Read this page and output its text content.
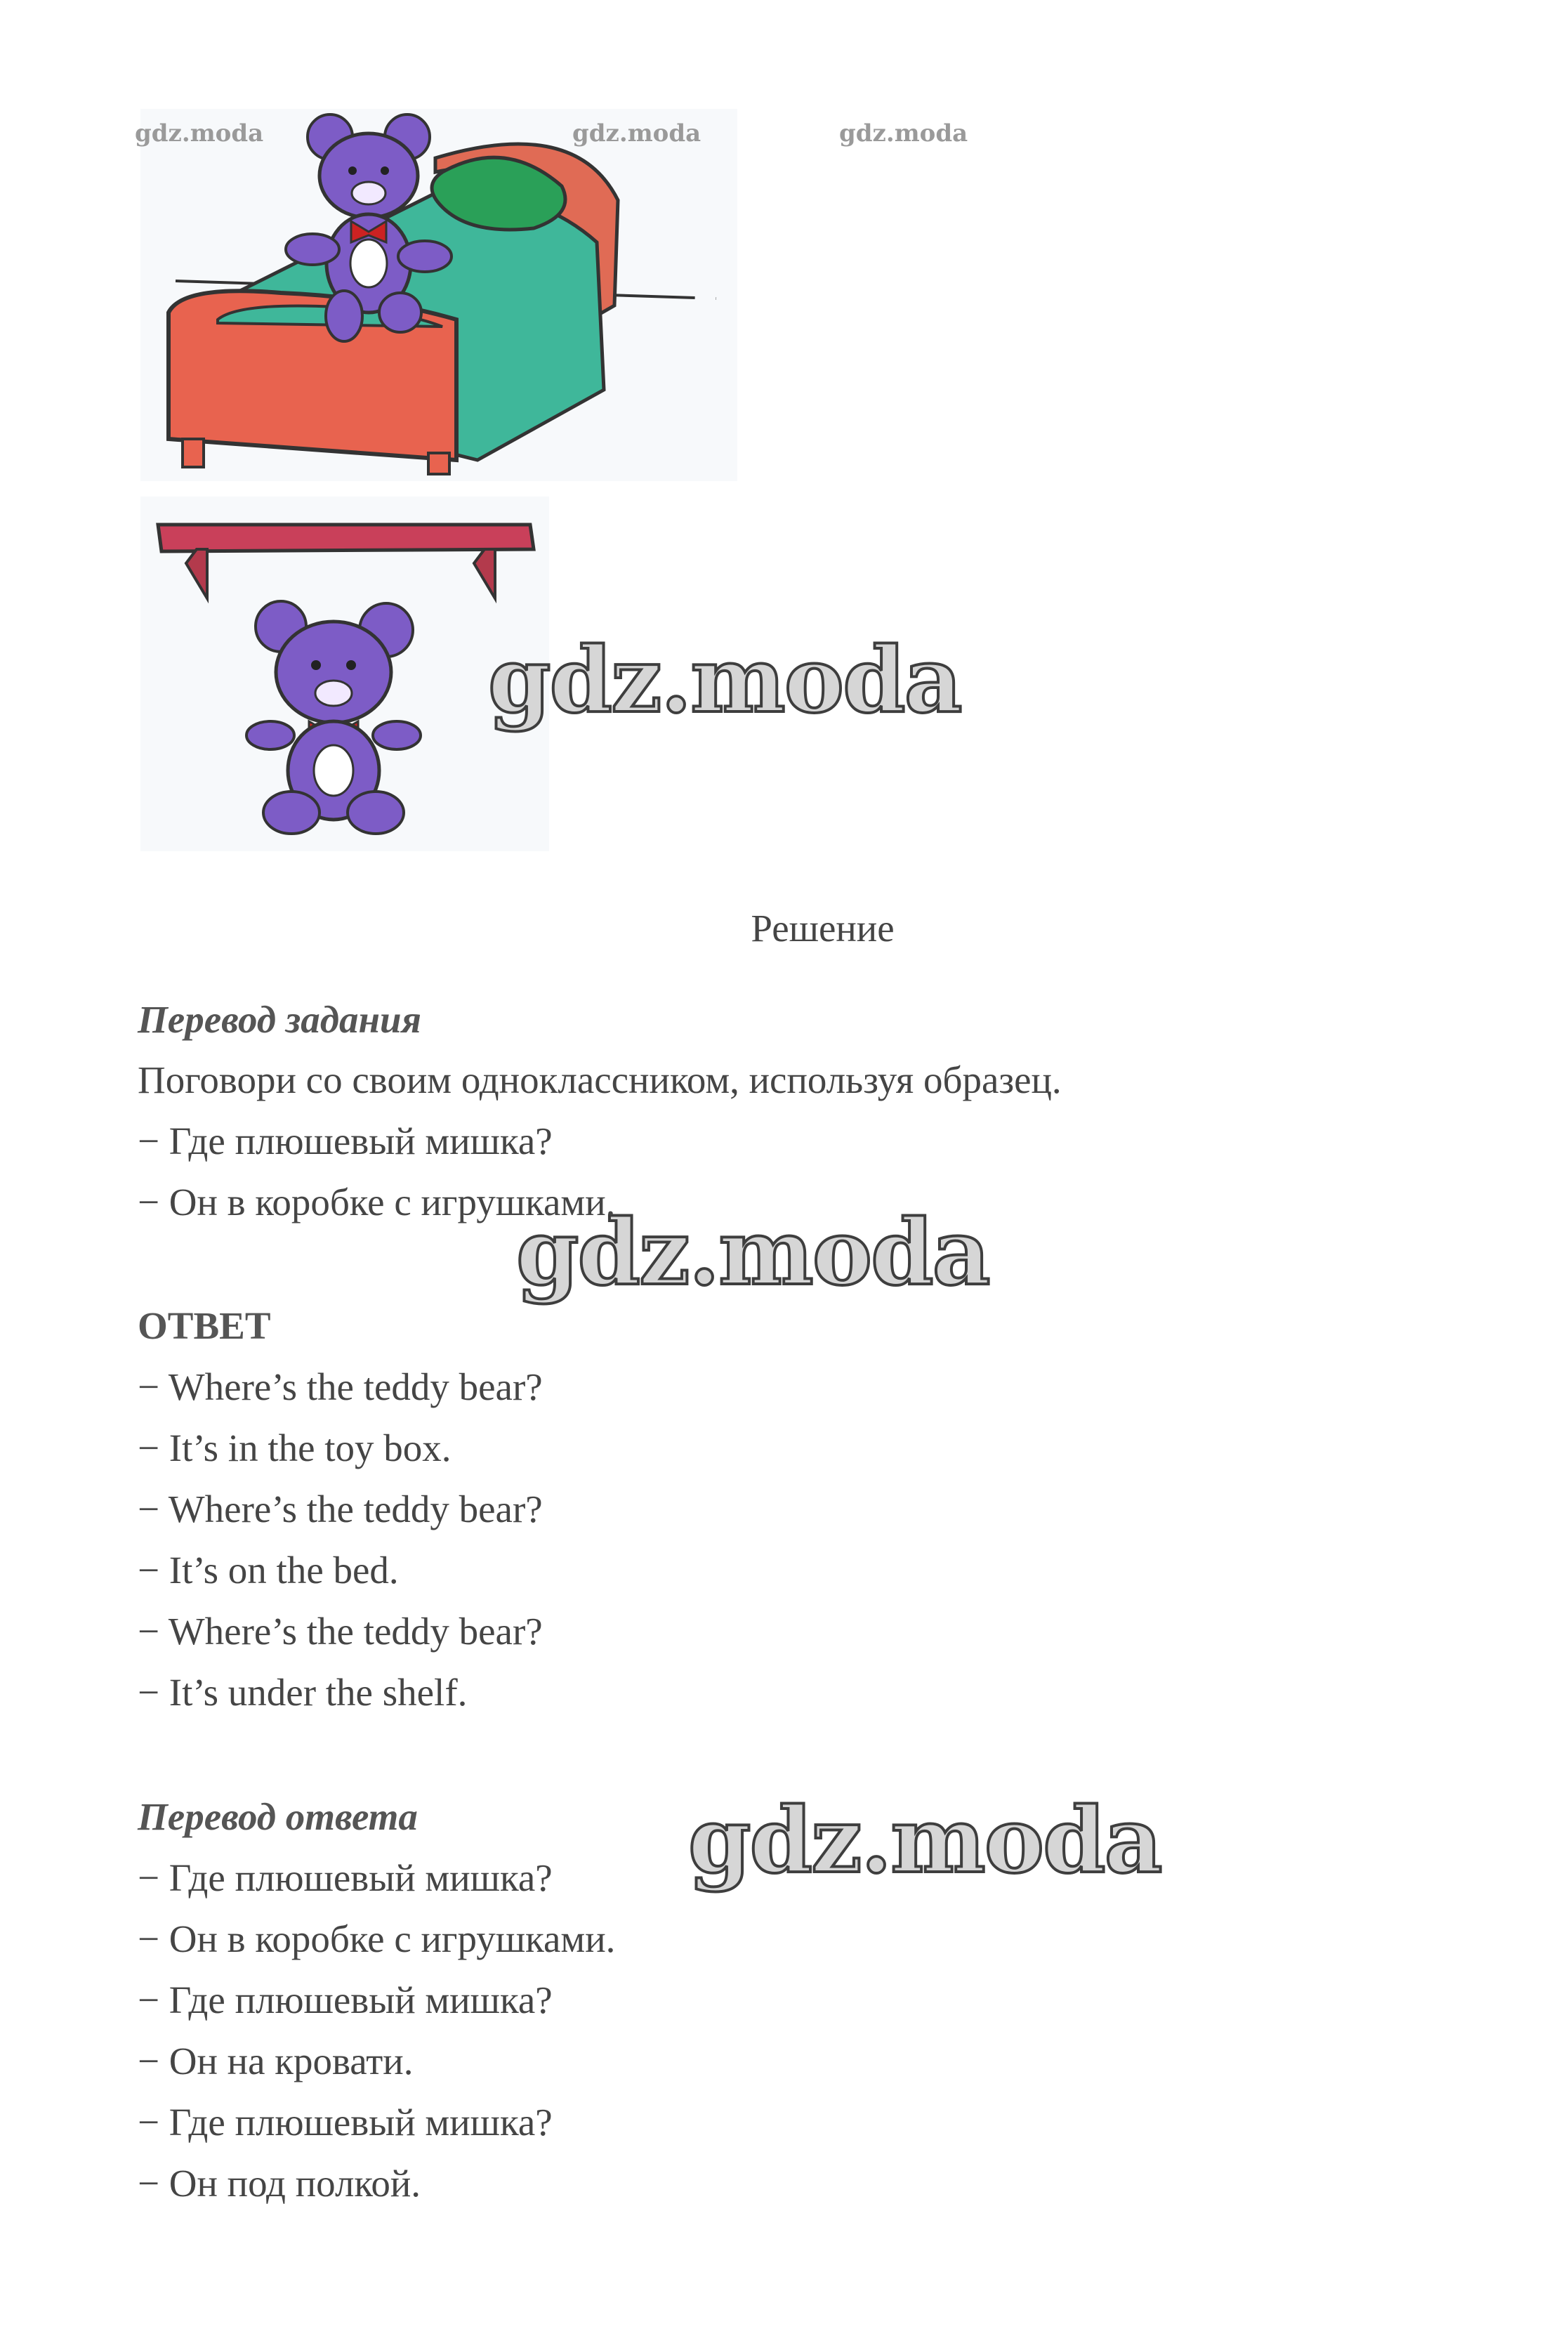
gdz.moda	gdz.moda	gdz.moda
gdz.moda
gdz.moda
gdz.moda
Решение
Перевод задания
Поговори со своим одноклассником, используя образец.
− Где плюшевый мишка?
− Он в коробке с игрушками.
ОТВЕТ
− Where’s the teddy bear?
− It’s in the toy box.
− Where’s the teddy bear?
− It’s on the bed.
− Where’s the teddy bear?
− It’s under the shelf.
Перевод ответа
− Где плюшевый мишка?
− Он в коробке с игрушками.
− Где плюшевый мишка?
− Он на кровати.
− Где плюшевый мишка?
− Он под полкой.
